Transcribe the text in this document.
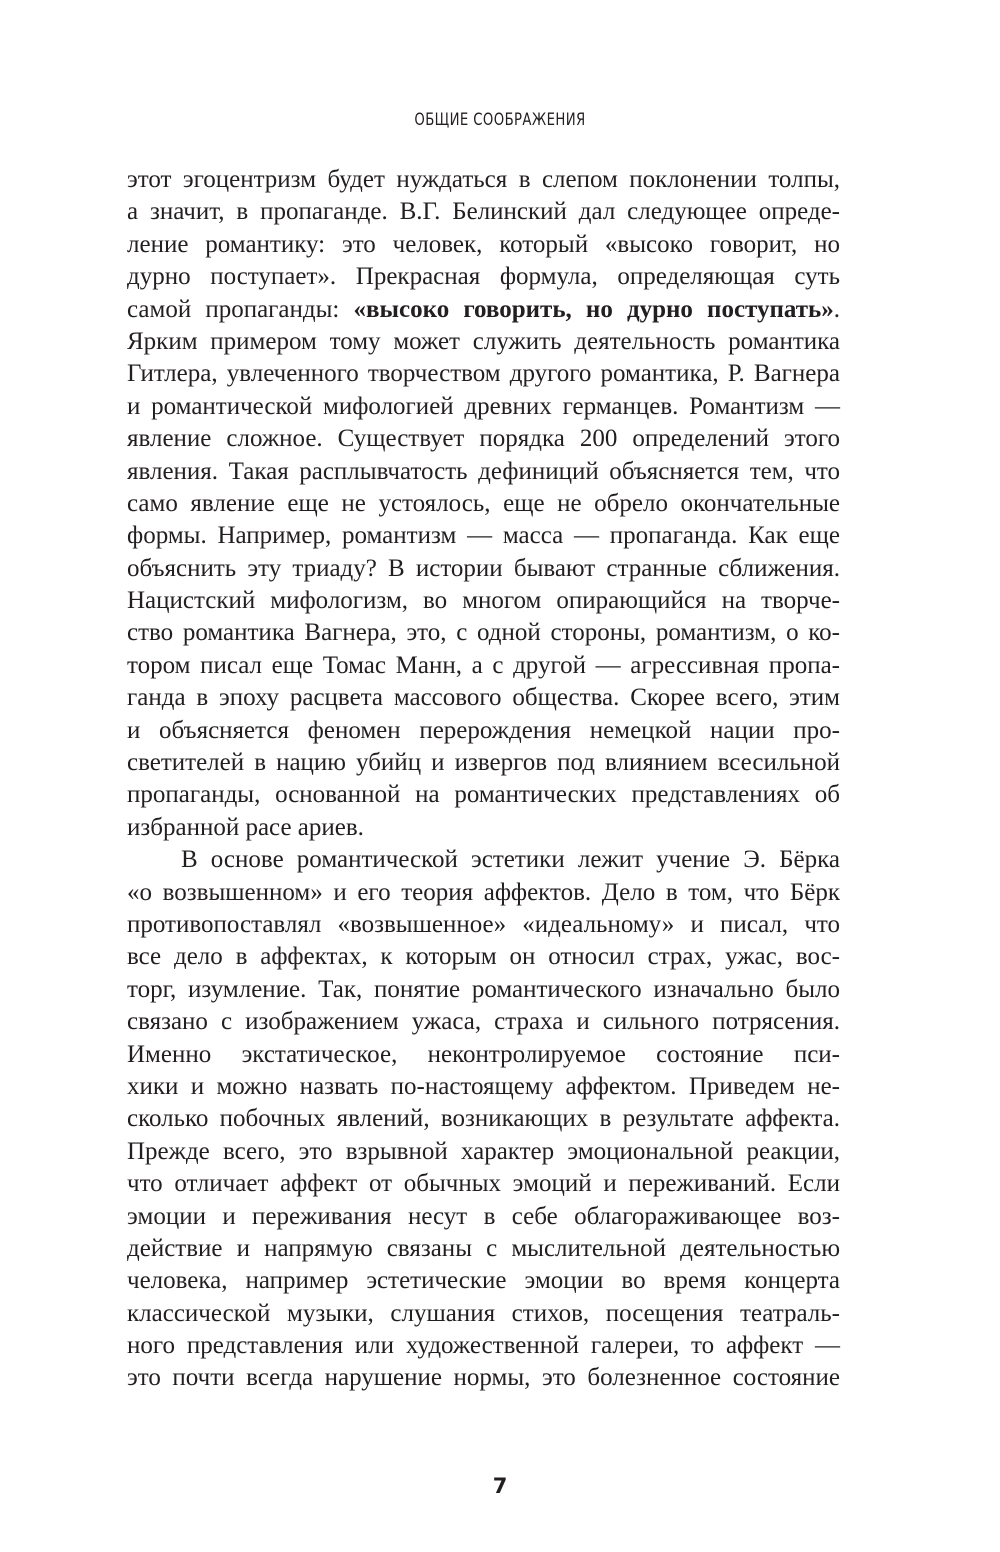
ОБЩИЕ СООБРАЖЕНИЯ
этот эгоцентризм будет нуждаться в слепом поклонении толпы,
а значит, в пропаганде. В.Г. Белинский дал следующее опреде-
ление романтику: это человек, который «высоко говорит, но
дурно поступает». Прекрасная формула, определяющая суть
самой пропаганды: «высоко говорить, но дурно поступать».
Ярким примером тому может служить деятельность романтика
Гитлера, увлеченного творчеством другого романтика, Р. Вагнера
и романтической мифологией древних германцев. Романтизм —
явление сложное. Существует порядка 200 определений этого
явления. Такая расплывчатость дефиниций объясняется тем, что
само явление еще не устоялось, еще не обрело окончательные
формы. Например, романтизм — масса — пропаганда. Как еще
объяснить эту триаду? В истории бывают странные сближения.
Нацистский мифологизм, во многом опирающийся на творче-
ство романтика Вагнера, это, с одной стороны, романтизм, о ко-
тором писал еще Томас Манн, а с другой — агрессивная пропа-
ганда в эпоху расцвета массового общества. Скорее всего, этим
и объясняется феномен перерождения немецкой нации про-
светителей в нацию убийц и извергов под влиянием всесильной
пропаганды, основанной на романтических представлениях об
избранной расе ариев.
В основе романтической эстетики лежит учение Э. Бёрка
«о возвышенном» и его теория аффектов. Дело в том, что Бёрк
противопоставлял «возвышенное» «идеальному» и писал, что
все дело в аффектах, к которым он относил страх, ужас, вос-
торг, изумление. Так, понятие романтического изначально было
связано с изображением ужаса, страха и сильного потрясения.
Именно экстатическое, неконтролируемое состояние пси-
хики и можно назвать по-настоящему аффектом. Приведем не-
сколько побочных явлений, возникающих в результате аффекта.
Прежде всего, это взрывной характер эмоциональной реакции,
что отличает аффект от обычных эмоций и переживаний. Если
эмоции и переживания несут в себе облагораживающее воз-
действие и напрямую связаны с мыслительной деятельностью
человека, например эстетические эмоции во время концерта
классической музыки, слушания стихов, посещения театраль-
ного представления или художественной галереи, то аффект —
это почти всегда нарушение нормы, это болезненное состояние
7
